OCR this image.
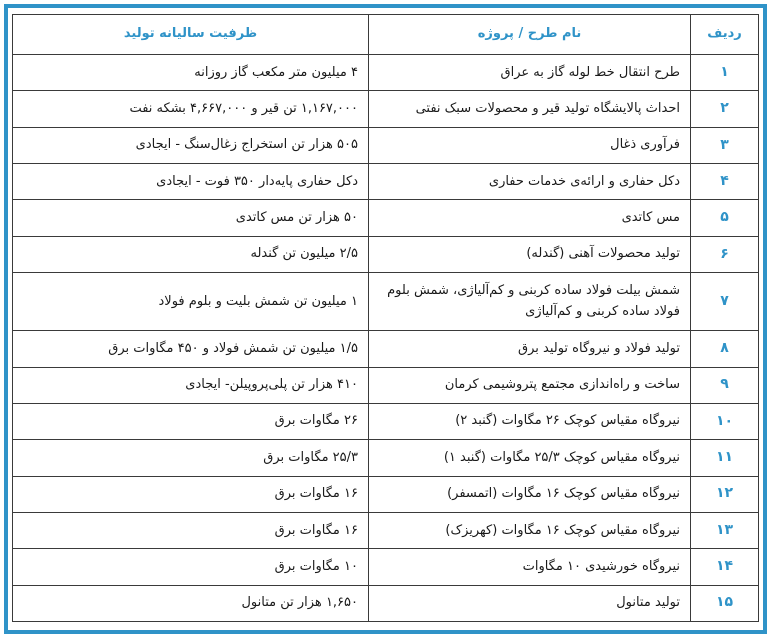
ردیف	نام طرح / پروژه	ظرفیت سالیانه تولید
۱	طرح انتقال خط لوله گاز به عراق	۴ میلیون متر مکعب گاز روزانه
۲	احداث پالایشگاه تولید قیر و محصولات سبک نفتی	۱,۱۶۷,۰۰۰ تن قیر و ۴,۶۶۷,۰۰۰ بشکه نفت
۳	فرآوری ذغال	۵۰۵ هزار تن استخراج زغال‌سنگ - ایجادی
۴	دکل حفاری و ارائه‌ی خدمات حفاری	دکل حفاری پایه‌دار ۳۵۰ فوت - ایجادی
۵	مس کاتدی	۵۰ هزار تن مس کاتدی
۶	تولید محصولات آهنی (گندله)	۲/۵ میلیون تن گندله
۷	شمش بیلت فولاد ساده کربنی و کم‌آلیاژی، شمش بلوم فولاد ساده کربنی و کم‌آلیاژی	۱ میلیون تن شمش بلیت و بلوم فولاد
۸	تولید فولاد و نیروگاه تولید برق	۱/۵ میلیون تن شمش فولاد و ۴۵۰ مگاوات برق
۹	ساخت و راه‌اندازی مجتمع پتروشیمی کرمان	۴۱۰ هزار تن پلی‌پروپیلن- ایجادی
۱۰	نیروگاه مقیاس کوچک ۲۶ مگاوات (گنبد ۲)	۲۶ مگاوات برق
۱۱	نیروگاه مقیاس کوچک ۲۵/۳ مگاوات (گنبد ۱)	۲۵/۳ مگاوات برق
۱۲	نیروگاه مقیاس کوچک ۱۶ مگاوات (اتمسفر)	۱۶ مگاوات برق
۱۳	نیروگاه مقیاس کوچک ۱۶ مگاوات (کهریزک)	۱۶ مگاوات برق
۱۴	نیروگاه خورشیدی ۱۰ مگاوات	۱۰ مگاوات برق
۱۵	تولید متانول	۱,۶۵۰ هزار تن متانول
